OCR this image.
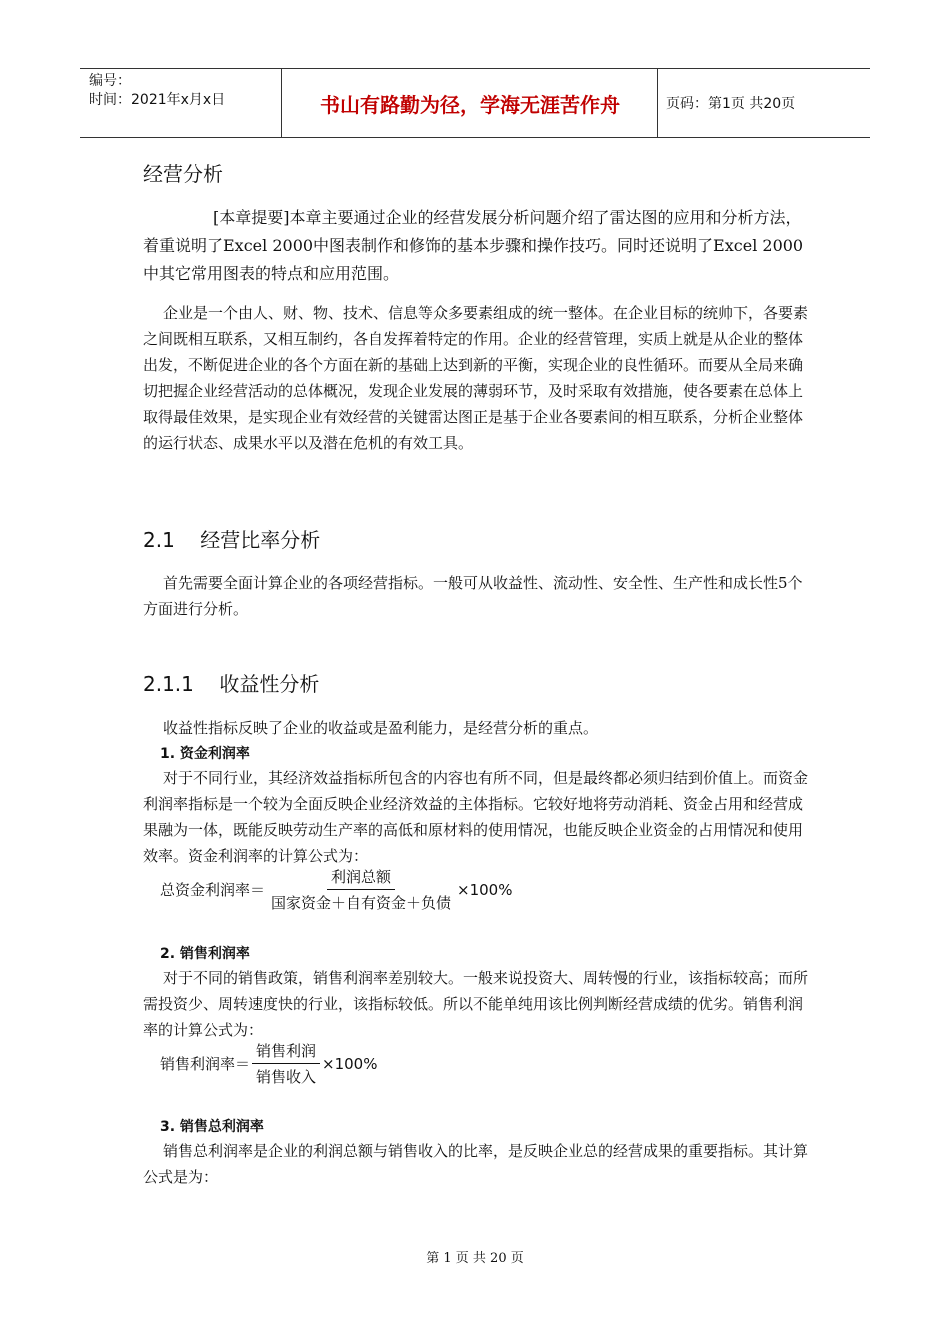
编号：
时间：2021年x月x日	书山有路勤为径，学海无涯苦作舟	页码：第1页 共20页
经营分析
[本章提要]本章主要通过企业的经营发展分析问题介绍了雷达图的应用和分析方法，着重说明了Excel 2000中图表制作和修饰的基本步骤和操作技巧。同时还说明了Excel 2000中其它常用图表的特点和应用范围。
企业是一个由人、财、物、技术、信息等众多要素组成的统一整体。在企业目标的统帅下，各要素之间既相互联系，又相互制约，各自发挥着特定的作用。企业的经营管理，实质上就是从企业的整体出发，不断促进企业的各个方面在新的基础上达到新的平衡，实现企业的良性循环。而要从全局来确切把握企业经营活动的总体概况，发现企业发展的薄弱环节，及时采取有效措施，使各要素在总体上取得最佳效果，是实现企业有效经营的关键雷达图正是基于企业各要素间的相互联系，分析企业整体的运行状态、成果水平以及潜在危机的有效工具。
2.1    经营比率分析
首先需要全面计算企业的各项经营指标。一般可从收益性、流动性、安全性、生产性和成长性5个方面进行分析。
2.1.1    收益性分析
收益性指标反映了企业的收益或是盈利能力，是经营分析的重点。
1. 资金利润率
对于不同行业，其经济效益指标所包含的内容也有所不同，但是最终都必须归结到价值上。而资金利润率指标是一个较为全面反映企业经济效益的主体指标。它较好地将劳动消耗、资金占用和经营成果融为一体，既能反映劳动生产率的高低和原材料的使用情况，也能反映企业资金的占用情况和使用效率。资金利润率的计算公式为：
总资金利润率＝ $\frac{\text{利润总额}}{\text{国家资金＋自有资金＋负债}} \times 100\%$
2. 销售利润率
对于不同的销售政策，销售利润率差别较大。一般来说投资大、周转慢的行业，该指标较高；而所需投资少、周转速度快的行业，该指标较低。所以不能单纯用该比例判断经营成绩的优劣。销售利润率的计算公式为：
销售利润率＝ $\frac{\text{销售利润}}{\text{销售收入}} \times 100\%$
3. 销售总利润率
销售总利润率是企业的利润总额与销售收入的比率，是反映企业总的经营成果的重要指标。其计算公式是为：
第 1 页 共 20 页
